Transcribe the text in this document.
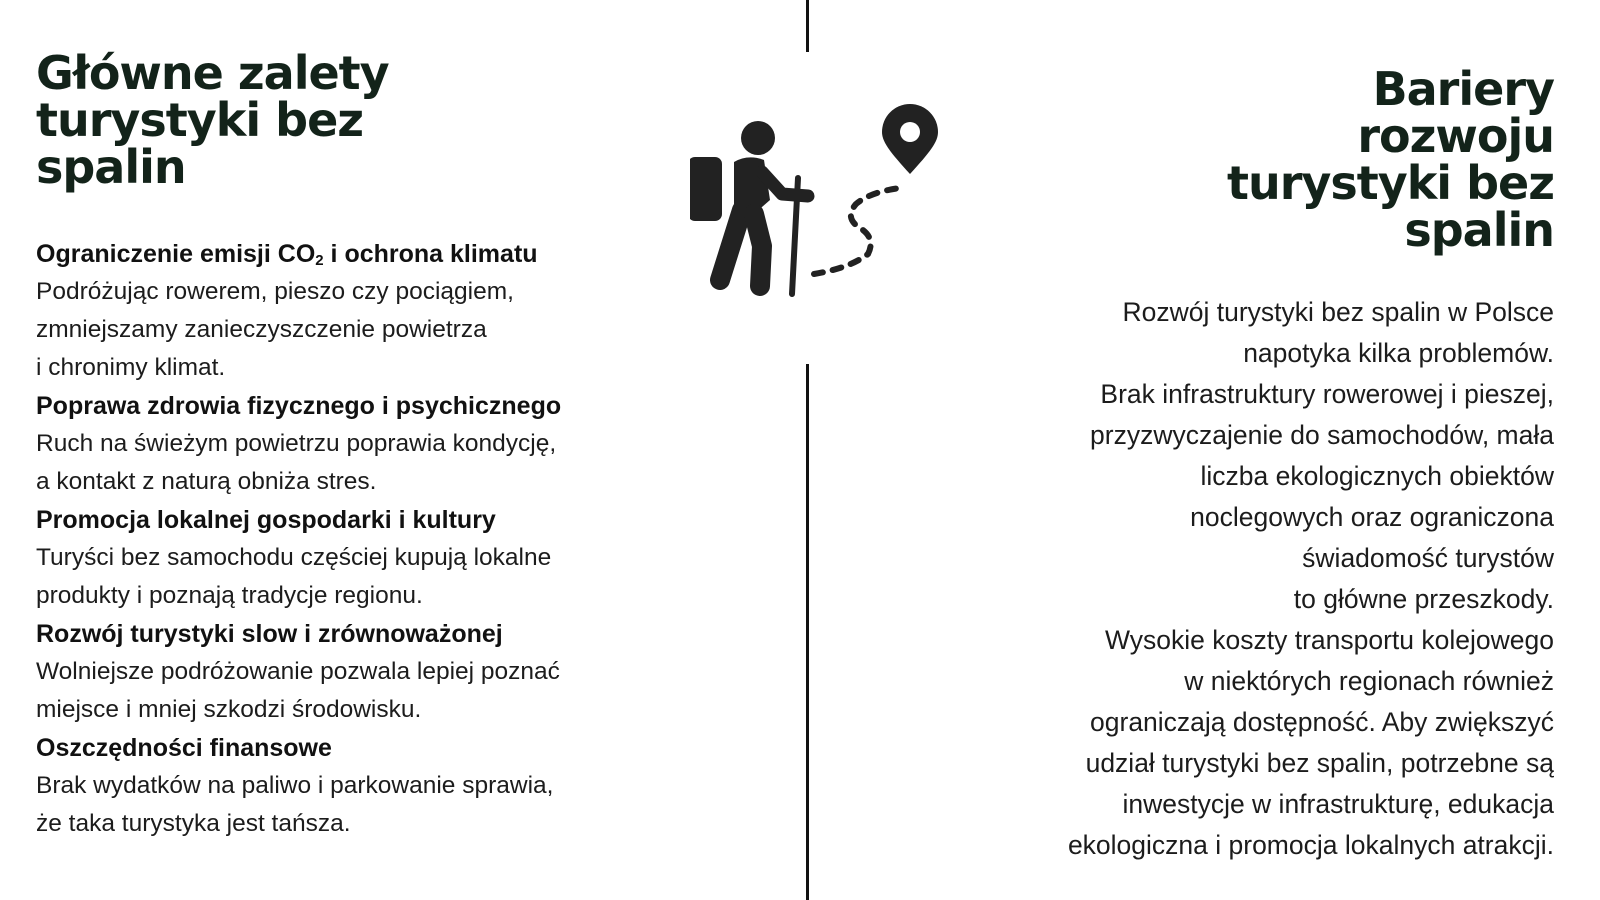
Główne zalety turystyki bez spalin
Ograniczenie emisji $CO_2$ i ochrona klimatu
Podróżując rowerem, pieszo czy pociągiem,
zmniejszamy zanieczyszczenie powietrza
i chronimy klimat.
Poprawa zdrowia fizycznego i psychicznego
Ruch na świeżym powietrzu poprawia kondycję,
a kontakt z naturą obniża stres.
Promocja lokalnej gospodarki i kultury
Turyści bez samochodu częściej kupują lokalne
produkty i poznają tradycje regionu.
Rozwój turystyki slow i zrównoważonej
Wolniejsze podróżowanie pozwala lepiej poznać
miejsce i mniej szkodzi środowisku.
Oszczędności finansowe
Brak wydatków na paliwo i parkowanie sprawia,
że taka turystyka jest tańsza.
Bariery
rozwoju
turystyki bez
spalin
Rozwój turystyki bez spalin w Polsce
napotyka kilka problemów.
Brak infrastruktury rowerowej i pieszej,
przyzwyczajenie do samochodów, mała
liczba ekologicznych obiektów
noclegowych oraz ograniczona
świadomość turystów
to główne przeszkody.
Wysokie koszty transportu kolejowego
w niektórych regionach również
ograniczają dostępność. Aby zwiększyć
udział turystyki bez spalin, potrzebne są
inwestycje w infrastrukturę, edukacja
ekologiczna i promocja lokalnych atrakcji.
